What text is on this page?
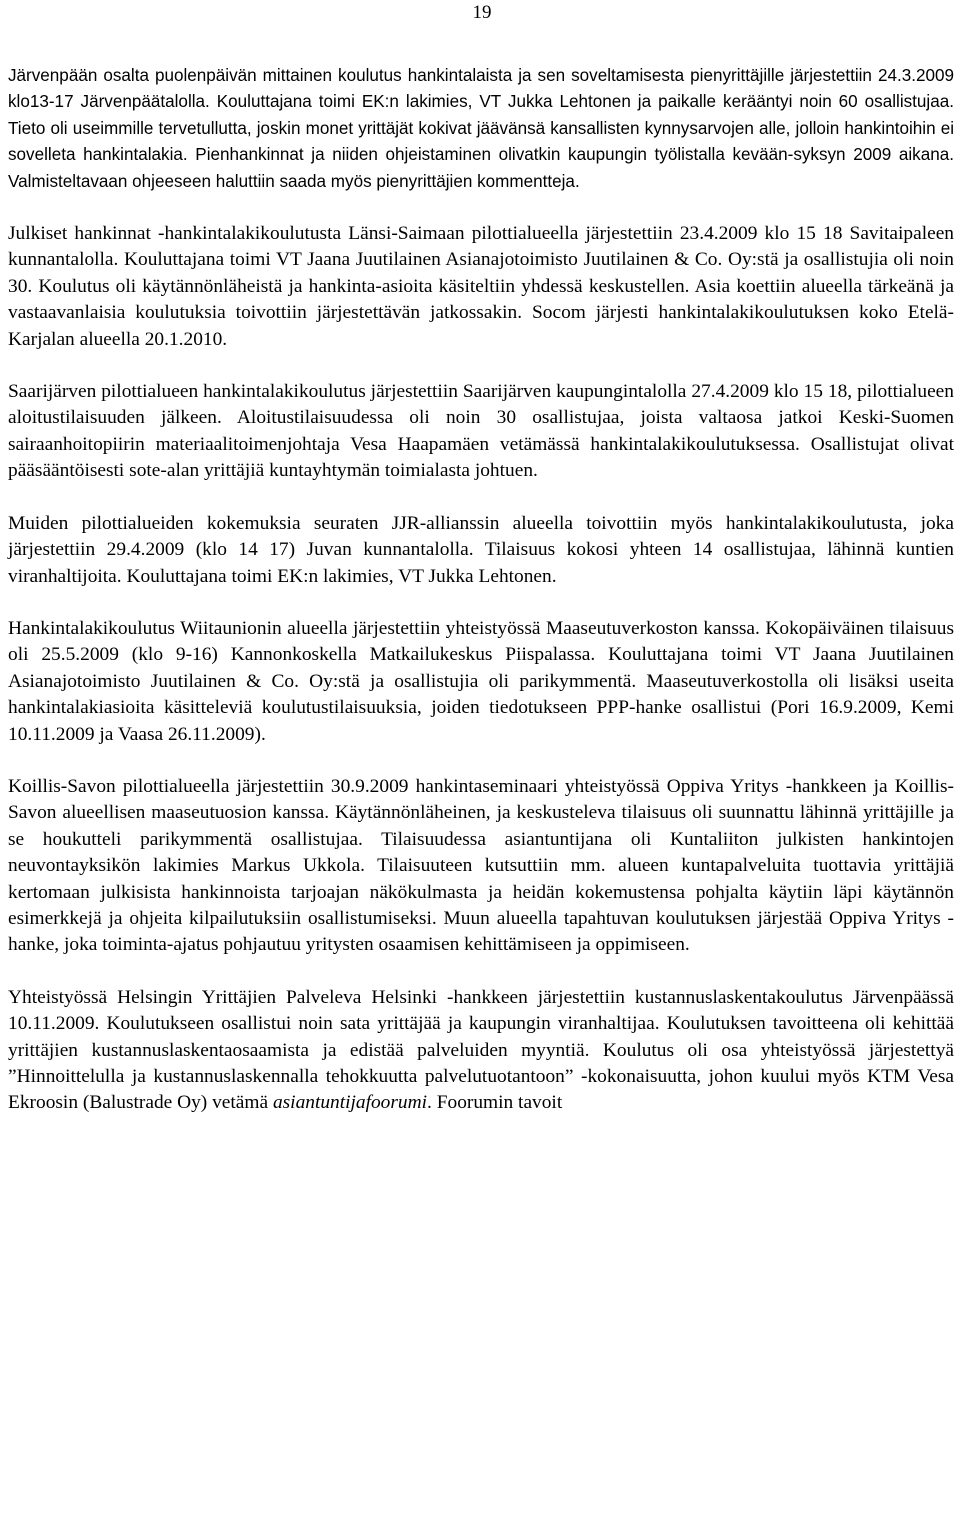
19

Järvenpään osalta puolenpäivän mittainen koulutus hankintalaista ja sen soveltamisesta pienyrittäjille järjestettiin 24.3.2009 klo13-17 Järvenpäätalolla. Kouluttajana toimi EK:n lakimies, VT Jukka Lehtonen ja paikalle kerääntyi noin 60 osallistujaa. Tieto oli useimmille tervetullutta, joskin monet yrittäjät kokivat jäävänsä kansallisten kynnysarvojen alle, jolloin hankintoihin ei sovelleta hankintalakia. Pienhankinnat ja niiden ohjeistaminen olivatkin kaupungin työlistalla kevään-syksyn 2009 aikana. Valmisteltavaan ohjeeseen haluttiin saada myös pienyrittäjien kommentteja.

Julkiset hankinnat -hankintalakikoulutusta Länsi-Saimaan pilottialueella järjestettiin 23.4.2009 klo 15 18 Savitaipaleen kunnantalolla. Kouluttajana toimi VT Jaana Juutilainen Asianajotoimisto Juutilainen & Co. Oy:stä ja osallistujia oli noin 30. Koulutus oli käytännönläheistä ja hankinta-asioita käsiteltiin yhdessä keskustellen. Asia koettiin alueella tärkeänä ja vastaavanlaisia koulutuksia toivottiin järjestettävän jatkossakin. Socom järjesti hankintalakikoulutuksen koko Etelä-Karjalan alueella 20.1.2010.

Saarijärven pilottialueen hankintalakikoulutus järjestettiin Saarijärven kaupungintalolla 27.4.2009 klo 15 18, pilottialueen aloitustilaisuuden jälkeen. Aloitustilaisuudessa oli noin 30 osallistujaa, joista valtaosa jatkoi Keski-Suomen sairaanhoitopiirin materiaalitoimenjohtaja Vesa Haapamäen vetämässä hankintalakikoulutuksessa. Osallistujat olivat pääsääntöisesti sote-alan yrittäjiä kuntayhtymän toimialasta johtuen.

Muiden pilottialueiden kokemuksia seuraten JJR-allianssin alueella toivottiin myös hankintalakikoulutusta, joka järjestettiin 29.4.2009 (klo 14 17) Juvan kunnantalolla. Tilaisuus kokosi yhteen 14 osallistujaa, lähinnä kuntien viranhaltijoita. Kouluttajana toimi EK:n lakimies, VT Jukka Lehtonen.

Hankintalakikoulutus Wiitaunionin alueella järjestettiin yhteistyössä Maaseutuverkoston kanssa. Kokopäiväinen tilaisuus oli 25.5.2009 (klo 9-16) Kannonkoskella Matkailukeskus Piispalassa. Kouluttajana toimi VT Jaana Juutilainen Asianajotoimisto Juutilainen & Co. Oy:stä ja osallistujia oli parikymmentä. Maaseutuverkostolla oli lisäksi useita hankintalakiasioita käsitteleviä koulutustilaisuuksia, joiden tiedotukseen PPP-hanke osallistui (Pori 16.9.2009, Kemi 10.11.2009 ja Vaasa 26.11.2009).

Koillis-Savon pilottialueella järjestettiin 30.9.2009 hankintaseminaari yhteistyössä Oppiva Yritys -hankkeen ja Koillis-Savon alueellisen maaseutuosion kanssa. Käytännönläheinen, ja keskusteleva tilaisuus oli suunnattu lähinnä yrittäjille ja se houkutteli parikymmentä osallistujaa. Tilaisuudessa asiantuntijana oli Kuntaliiton julkisten hankintojen neuvontayksikön lakimies Markus Ukkola. Tilaisuuteen kutsuttiin mm. alueen kuntapalveluita tuottavia yrittäjiä kertomaan julkisista hankinnoista tarjoajan näkökulmasta ja heidän kokemustensa pohjalta käytiin läpi käytännön esimerkkejä ja ohjeita kilpailutuksiin osallistumiseksi. Muun alueella tapahtuvan koulutuksen järjestää Oppiva Yritys -hanke, joka toiminta-ajatus pohjautuu yritysten osaamisen kehittämiseen ja oppimiseen.

Yhteistyössä Helsingin Yrittäjien Palveleva Helsinki -hankkeen järjestettiin kustannuslaskentakoulutus Järvenpäässä 10.11.2009. Koulutukseen osallistui noin sata yrittäjää ja kaupungin viranhaltijaa. Koulutuksen tavoitteena oli kehittää yrittäjien kustannuslaskentaosaamista ja edistää palveluiden myyntiä. Koulutus oli osa yhteistyössä järjestettyä ”Hinnoittelulla ja kustannuslaskennalla tehokkuutta palvelutuotantoon” -kokonaisuutta, johon kuului myös KTM Vesa Ekroosin (Balustrade Oy) vetämä asiantuntijafoorumi. Foorumin tavoit
